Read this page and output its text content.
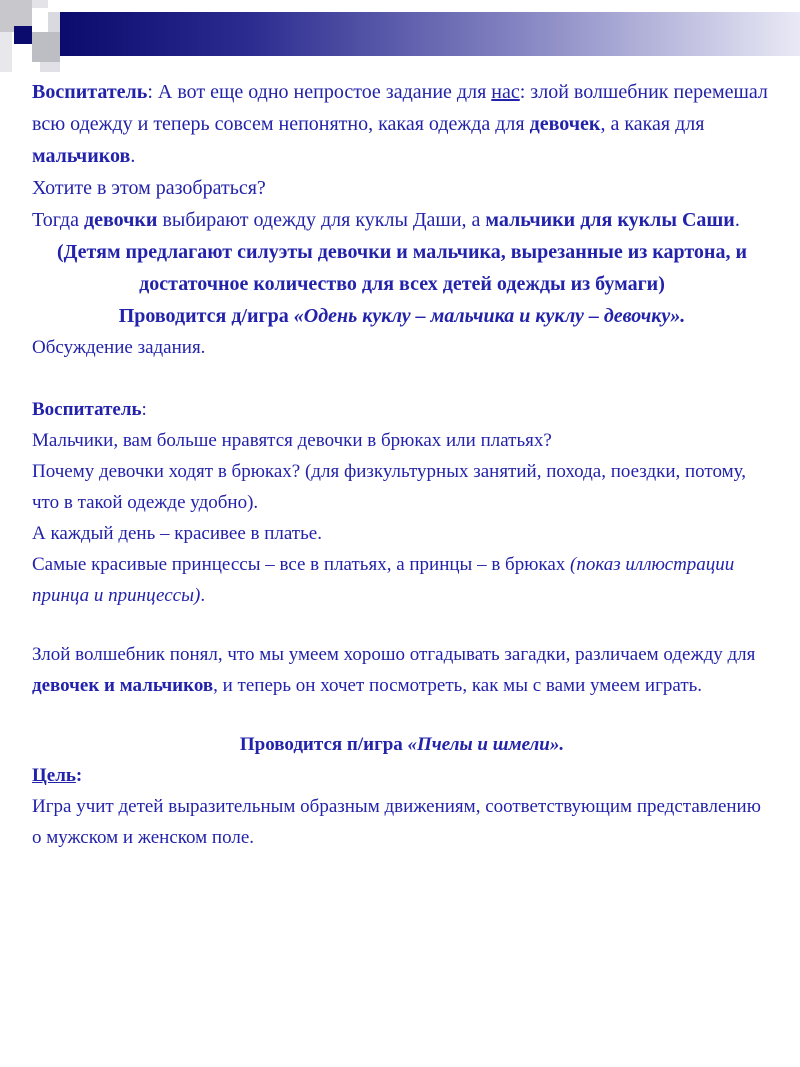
Воспитатель: А вот еще одно непростое задание для нас: злой волшебник перемешал всю одежду и теперь совсем непонятно, какая одежда для девочек, а какая для мальчиков.

Хотите в этом разобраться?

Тогда девочки выбирают одежду для куклы Даши, а мальчики для куклы Саши.

(Детям предлагают силуэты девочки и мальчика, вырезанные из картона, и достаточное количество для всех детей одежды из бумаги)

Проводится д/игра «Одень куклу – мальчика и куклу – девочку».

Обсуждение задания.

Воспитатель:

Мальчики, вам больше нравятся девочки в брюках или платьях?

Почему девочки ходят в брюках? (для физкультурных занятий, похода, поездки, потому, что в такой одежде удобно).

А каждый день – красивее в платье.

Самые красивые принцессы – все в платьях, а принцы – в брюках (показ иллюстрации принца и принцессы).

Злой волшебник понял, что мы умеем хорошо отгадывать загадки, различаем одежду для девочек и мальчиков, и теперь он хочет посмотреть, как мы с вами умеем играть.

Проводится п/игра «Пчелы и шмели».

Цель:

Игра учит детей выразительным образным движениям, соответствующим представлению о мужском и женском поле.
